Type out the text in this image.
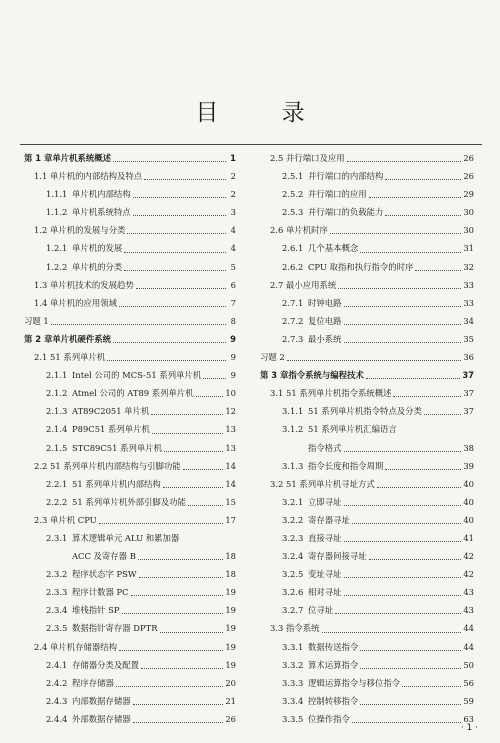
目 录
第 1 章 单片机系统概述	1
1.1 单片机的内部结构及特点	2
1.1.1 单片机内部结构	2
1.1.2 单片机系统特点	3
1.2 单片机的发展与分类	4
1.2.1 单片机的发展	4
1.2.2 单片机的分类	5
1.3 单片机技术的发展趋势	6
1.4 单片机的应用领域	7
习题 1	8
第 2 章 单片机硬件系统	9
2.1 51 系列单片机	9
2.1.1 Intel 公司的 MCS-51 系列单片机	9
2.1.2 Atmel 公司的 AT89 系列单片机	10
2.1.3 AT89C2051 单片机	12
2.1.4 P89C51 系列单片机	13
2.1.5 STC89C51 系列单片机	13
2.2 51 系列单片机内部结构与引脚功能	14
2.2.1 51 系列单片机内部结构	14
2.2.2 51 系列单片机外部引脚及功能	15
2.3 单片机 CPU	17
2.3.1 算术逻辑单元 ALU 和累加器
ACC 及寄存器 B	18
2.3.2 程序状态字 PSW	18
2.3.3 程序计数器 PC	19
2.3.4 堆栈指针 SP	19
2.3.5 数据指针寄存器 DPTR	19
2.4 单片机存储器结构	19
2.4.1 存储器分类及配置	19
2.4.2 程序存储器	20
2.4.3 内部数据存储器	21
2.4.4 外部数据存储器	26
2.5 并行端口及应用	26
2.5.1 并行端口的内部结构	26
2.5.2 并行端口的应用	29
2.5.3 并行端口的负载能力	30
2.6 单片机时序	30
2.6.1 几个基本概念	31
2.6.2 CPU 取指和执行指令的时序	32
2.7 最小应用系统	33
2.7.1 时钟电路	33
2.7.2 复位电路	34
2.7.3 最小系统	35
习题 2	36
第 3 章 指令系统与编程技术	37
3.1 51 系列单片机指令系统概述	37
3.1.1 51 系列单片机指令特点及分类	37
3.1.2 51 系列单片机汇编语言
指令格式	38
3.1.3 指令长度和指令周期	39
3.2 51 系列单片机寻址方式	40
3.2.1 立即寻址	40
3.2.2 寄存器寻址	40
3.2.3 直接寻址	41
3.2.4 寄存器间接寻址	42
3.2.5 变址寻址	42
3.2.6 相对寻址	43
3.2.7 位寻址	43
3.3 指令系统	44
3.3.1 数据传送指令	44
3.3.2 算术运算指令	50
3.3.3 逻辑运算指令与移位指令	56
3.3.4 控制转移指令	59
3.3.5 位操作指令	63
· 1 ·
